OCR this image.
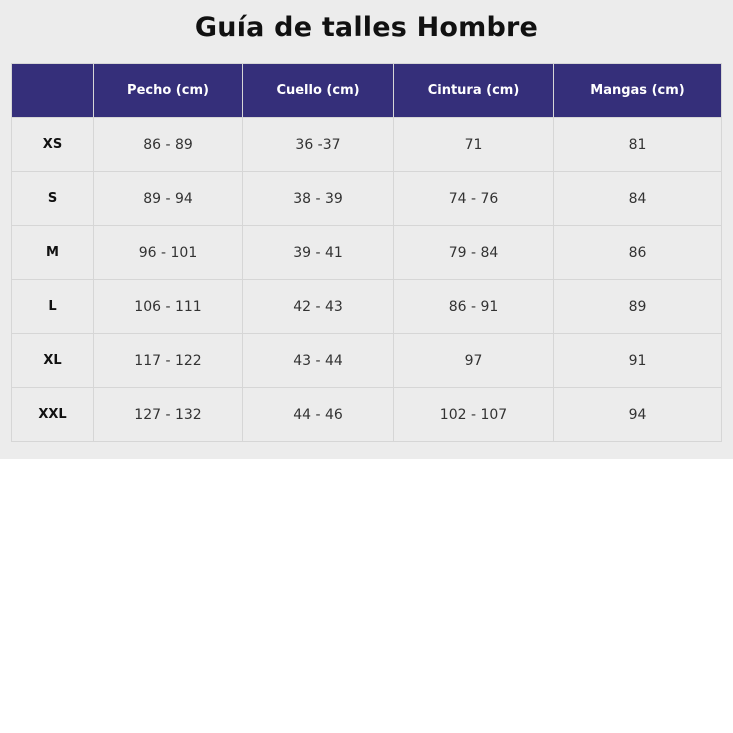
Guía de talles Hombre
	Pecho (cm)	Cuello (cm)	Cintura (cm)	Mangas (cm)
XS	86 - 89	36 -37	71	81
S	89 - 94	38 - 39	74 - 76	84
M	96 - 101	39 - 41	79 - 84	86
L	106 - 111	42 - 43	86 - 91	89
XL	117 - 122	43 - 44	97	91
XXL	127 - 132	44 - 46	102 - 107	94
